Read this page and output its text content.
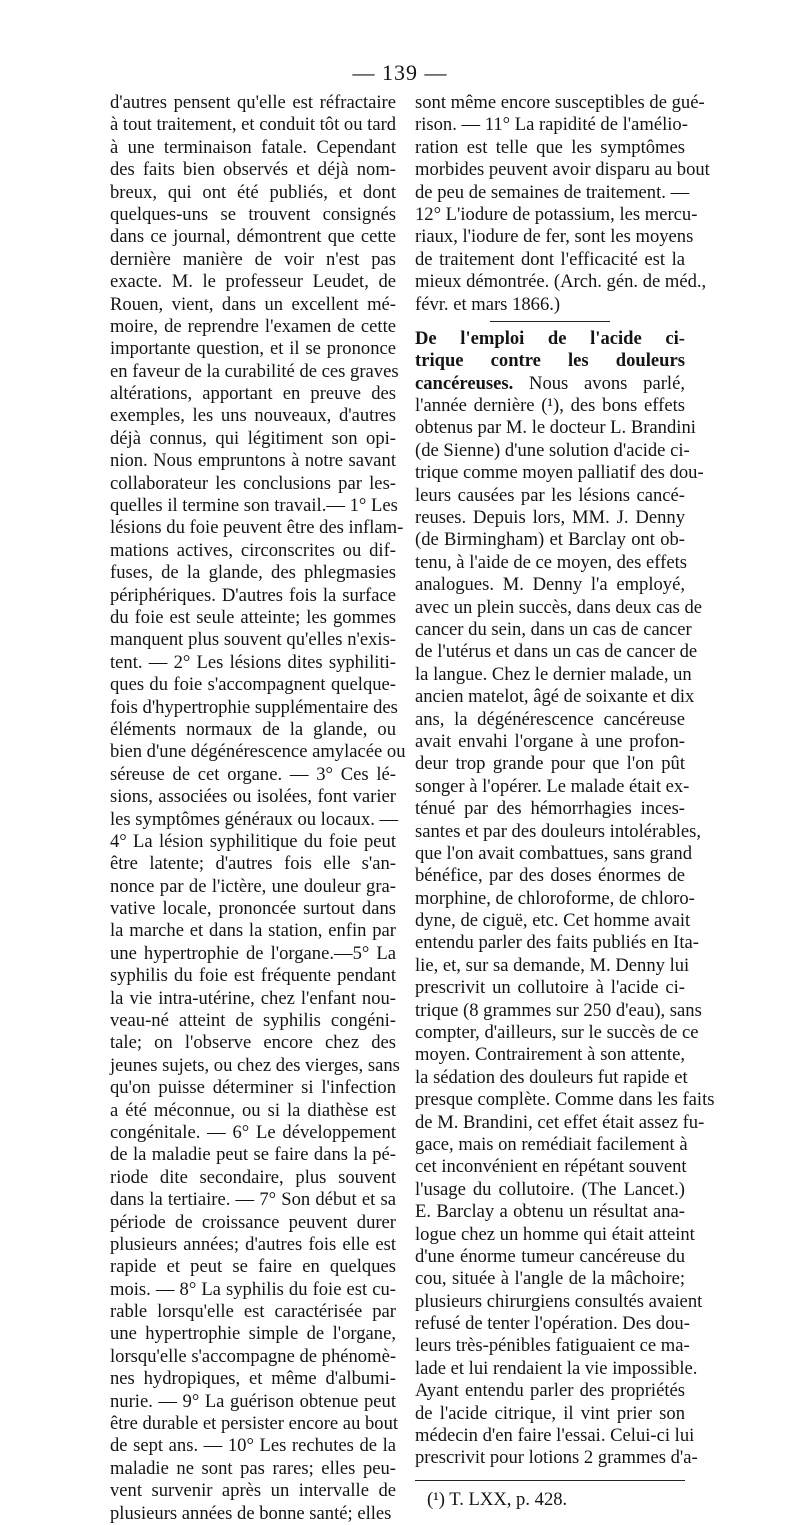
— 139 —
d'autres pensent qu'elle est réfractaire
à tout traitement, et conduit tôt ou tard
à une terminaison fatale. Cependant
des faits bien observés et déjà nom-
breux, qui ont été publiés, et dont
quelques-uns se trouvent consignés
dans ce journal, démontrent que cette
dernière manière de voir n'est pas
exacte. M. le professeur Leudet, de
Rouen, vient, dans un excellent mé-
moire, de reprendre l'examen de cette
importante question, et il se prononce
en faveur de la curabilité de ces graves
altérations, apportant en preuve des
exemples, les uns nouveaux, d'autres
déjà connus, qui légitiment son opi-
nion. Nous empruntons à notre savant
collaborateur les conclusions par les-
quelles il termine son travail.— 1° Les
lésions du foie peuvent être des inflam-
mations actives, circonscrites ou dif-
fuses, de la glande, des phlegmasies
périphériques. D'autres fois la surface
du foie est seule atteinte; les gommes
manquent plus souvent qu'elles n'exis-
tent. — 2° Les lésions dites syphiliti-
ques du foie s'accompagnent quelque-
fois d'hypertrophie supplémentaire des
éléments normaux de la glande, ou
bien d'une dégénérescence amylacée ou
séreuse de cet organe. — 3° Ces lé-
sions, associées ou isolées, font varier
les symptômes généraux ou locaux. —
4° La lésion syphilitique du foie peut
être latente; d'autres fois elle s'an-
nonce par de l'ictère, une douleur gra-
vative locale, prononcée surtout dans
la marche et dans la station, enfin par
une hypertrophie de l'organe.—5° La
syphilis du foie est fréquente pendant
la vie intra-utérine, chez l'enfant nou-
veau-né atteint de syphilis congéni-
tale; on l'observe encore chez des
jeunes sujets, ou chez des vierges, sans
qu'on puisse déterminer si l'infection
a été méconnue, ou si la diathèse est
congénitale. — 6° Le développement
de la maladie peut se faire dans la pé-
riode dite secondaire, plus souvent
dans la tertiaire. — 7° Son début et sa
période de croissance peuvent durer
plusieurs années; d'autres fois elle est
rapide et peut se faire en quelques
mois. — 8° La syphilis du foie est cu-
rable lorsqu'elle est caractérisée par
une hypertrophie simple de l'organe,
lorsqu'elle s'accompagne de phénomè-
nes hydropiques, et même d'albumi-
nurie. — 9° La guérison obtenue peut
être durable et persister encore au bout
de sept ans. — 10° Les rechutes de la
maladie ne sont pas rares; elles peu-
vent survenir après un intervalle de
plusieurs années de bonne santé; elles
sont même encore susceptibles de gué-
rison. — 11° La rapidité de l'amélio-
ration est telle que les symptômes
morbides peuvent avoir disparu au bout
de peu de semaines de traitement. —
12° L'iodure de potassium, les mercu-
riaux, l'iodure de fer, sont les moyens
de traitement dont l'efficacité est la
mieux démontrée. (Arch. gén. de méd.,
févr. et mars 1866.)
De l'emploi de l'acide ci-
trique contre les douleurs
cancéreuses. Nous avons parlé,
l'année dernière (¹), des bons effets
obtenus par M. le docteur L. Brandini
(de Sienne) d'une solution d'acide ci-
trique comme moyen palliatif des dou-
leurs causées par les lésions cancé-
reuses. Depuis lors, MM. J. Denny
(de Birmingham) et Barclay ont ob-
tenu, à l'aide de ce moyen, des effets
analogues. M. Denny l'a employé,
avec un plein succès, dans deux cas de
cancer du sein, dans un cas de cancer
de l'utérus et dans un cas de cancer de
la langue. Chez le dernier malade, un
ancien matelot, âgé de soixante et dix
ans, la dégénérescence cancéreuse
avait envahi l'organe à une profon-
deur trop grande pour que l'on pût
songer à l'opérer. Le malade était ex-
ténué par des hémorrhagies inces-
santes et par des douleurs intolérables,
que l'on avait combattues, sans grand
bénéfice, par des doses énormes de
morphine, de chloroforme, de chloro-
dyne, de ciguë, etc. Cet homme avait
entendu parler des faits publiés en Ita-
lie, et, sur sa demande, M. Denny lui
prescrivit un collutoire à l'acide ci-
trique (8 grammes sur 250 d'eau), sans
compter, d'ailleurs, sur le succès de ce
moyen. Contrairement à son attente,
la sédation des douleurs fut rapide et
presque complète. Comme dans les faits
de M. Brandini, cet effet était assez fu-
gace, mais on remédiait facilement à
cet inconvénient en répétant souvent
l'usage du collutoire. (The Lancet.)
E. Barclay a obtenu un résultat ana-
logue chez un homme qui était atteint
d'une énorme tumeur cancéreuse du
cou, située à l'angle de la mâchoire;
plusieurs chirurgiens consultés avaient
refusé de tenter l'opération. Des dou-
leurs très-pénibles fatiguaient ce ma-
lade et lui rendaient la vie impossible.
Ayant entendu parler des propriétés
de l'acide citrique, il vint prier son
médecin d'en faire l'essai. Celui-ci lui
prescrivit pour lotions 2 grammes d'a-
(¹) T. LXX, p. 428.
